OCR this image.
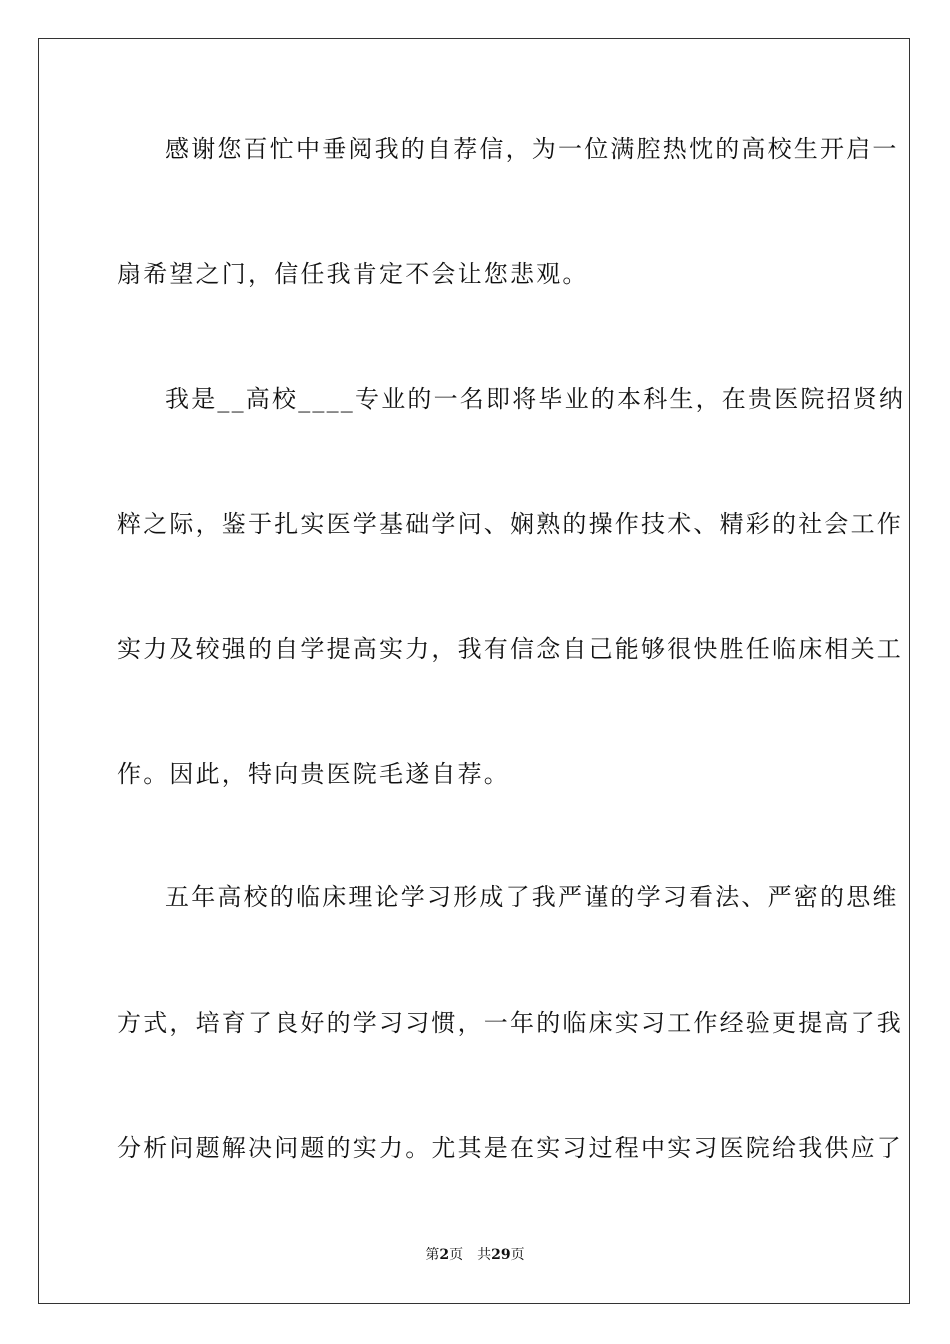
感谢您百忙中垂阅我的自荐信，为一位满腔热忱的高校生开启一
扇希望之门，信任我肯定不会让您悲观。
我是__高校____专业的一名即将毕业的本科生，在贵医院招贤纳
粹之际，鉴于扎实医学基础学问、娴熟的操作技术、精彩的社会工作
实力及较强的自学提高实力，我有信念自己能够很快胜任临床相关工
作。因此，特向贵医院毛遂自荐。
五年高校的临床理论学习形成了我严谨的学习看法、严密的思维
方式，培育了良好的学习习惯，一年的临床实习工作经验更提高了我
分析问题解决问题的实力。尤其是在实习过程中实习医院给我供应了
第2页 共29页
